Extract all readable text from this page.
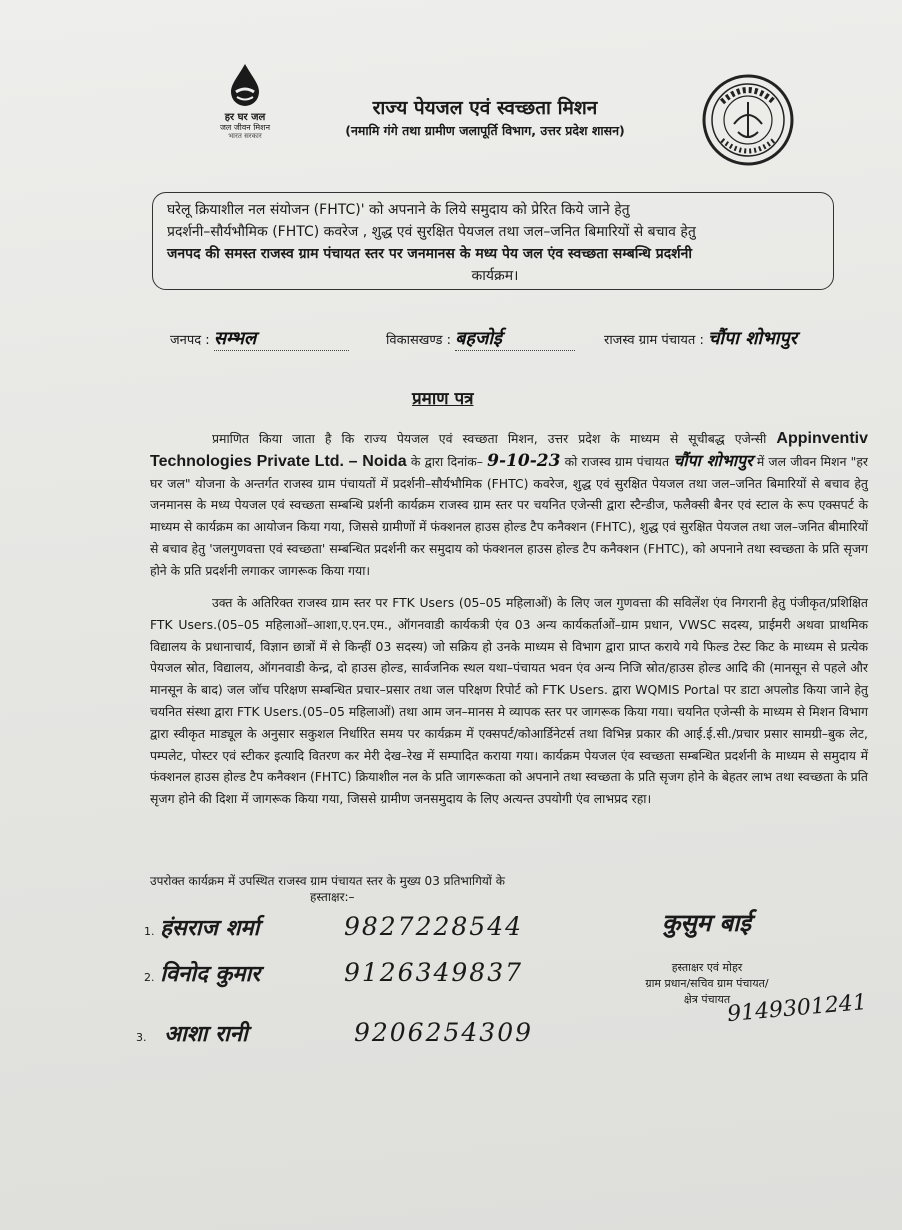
हर घर जल
जल जीवन मिशन
भारत सरकार
राज्य पेयजल एवं स्वच्छता मिशन
(नमामि गंगे तथा ग्रामीण जलापूर्ति विभाग, उत्तर प्रदेश शासन)
घरेलू क्रियाशील नल संयोजन (FHTC)' को अपनाने के लिये समुदाय को प्रेरित किये जाने हेतु
प्रदर्शनी–सौर्यभौमिक (FHTC) कवरेज , शुद्ध एवं सुरक्षित पेयजल तथा जल–जनित बिमारियों से बचाव हेतु
जनपद की समस्त राजस्व ग्राम पंचायत स्तर पर जनमानस के मध्य पेय जल एंव स्वच्छता सम्बन्धि प्रदर्शनी
कार्यक्रम।
जनपद : सम्भल	विकासखण्ड : बहजोई	राजस्व ग्राम पंचायत : चौंपा शोभापुर
प्रमाण पत्र

प्रमाणित किया जाता है कि राज्य पेयजल एवं स्वच्छता मिशन, उत्तर प्रदेश के माध्यम से सूचीबद्ध एजेन्सी Appinventiv Technologies Private Ltd. – Noida के द्वारा दिनांक– 9-10-23 को राजस्व ग्राम पंचायत चौंपा शोभापुर में जल जीवन मिशन "हर घर जल" योजना के अन्तर्गत राजस्व ग्राम पंचायतों में प्रदर्शनी–सौर्यभौमिक (FHTC) कवरेज, शुद्ध एवं सुरक्षित पेयजल तथा जल–जनित बिमारियों से बचाव हेतु जनमानस के मध्य पेयजल एवं स्वच्छता सम्बन्धि प्रर्शनी कार्यक्रम राजस्व ग्राम स्तर पर चयनित एजेन्सी द्वारा स्टैन्डीज, फलैक्सी बैनर एवं स्टाल के रूप एक्सपर्ट के माध्यम से कार्यक्रम का आयोजन किया गया, जिससे ग्रामीणों में फंक्शनल हाउस होल्ड टैप कनैक्शन (FHTC), शुद्ध एवं सुरक्षित पेयजल तथा जल–जनित बीमारियों से बचाव हेतु 'जलगुणवत्ता एवं स्वच्छता' सम्बन्धित प्रदर्शनी कर समुदाय को फंक्शनल हाउस होल्ड टैप कनैक्शन (FHTC), को अपनाने तथा स्वच्छता के प्रति सृजग होने के प्रति प्रदर्शनी लगाकर जागरूक किया गया।

उक्त के अतिरिक्त राजस्व ग्राम स्तर पर FTK Users (05–05 महिलाओं) के लिए जल गुणवत्ता की सविलेंश एंव निगरानी हेतु पंजीकृत/प्रशिक्षित FTK Users.(05–05 महिलाओं–आशा,ए.एन.एम., ऑगनवाडी कार्यकत्री एंव 03 अन्य कार्यकर्ताओं–ग्राम प्रधान, VWSC सदस्य, प्राईमरी अथवा प्राथमिक विद्यालय के प्रधानाचार्य, विज्ञान छात्रों में से किन्हीं 03 सदस्य) जो सक्रिय हो उनके माध्यम से विभाग द्वारा प्राप्त कराये गये फिल्ड टेस्ट किट के माध्यम से प्रत्येक पेयजल स्रोत, विद्यालय, ऑगनवाडी केन्द्र, दो हाउस होल्ड, सार्वजनिक स्थल यथा–पंचायत भवन एंव अन्य निजि स्रोत/हाउस होल्ड आदि की (मानसून से पहले और मानसून के बाद) जल जॉच परिक्षण सम्बन्धित प्रचार–प्रसार तथा जल परिक्षण रिपोर्ट को FTK Users. द्वारा WQMIS Portal पर डाटा अपलोड किया जाने हेतु चयनित संस्था द्वारा FTK Users.(05–05 महिलाओं) तथा आम जन–मानस मे व्यापक स्तर पर जागरूक किया गया। चयनित एजेन्सी के माध्यम से मिशन विभाग द्वारा स्वीकृत माड्यूल के अनुसार सकुशल निर्धारित समय पर कार्यक्रम में एक्सपर्ट/कोआर्डिनेटर्स तथा विभिन्न प्रकार की आई.ई.सी./प्रचार प्रसार सामग्री–बुक लेट, पम्पलेट, पोस्टर एवं स्टीकर इत्यादि वितरण कर मेरी देख–रेख में सम्पादित कराया गया। कार्यक्रम पेयजल एंव स्वच्छता सम्बन्धित प्रदर्शनी के माध्यम से समुदाय में फंक्शनल हाउस होल्ड टैप कनैक्शन (FHTC) क्रियाशील नल के प्रति जागरूकता को अपनाने तथा स्वच्छता के प्रति सृजग होने के बेहतर लाभ तथा स्वच्छता के प्रति सृजग होने की दिशा में जागरूक किया गया, जिससे ग्रामीण जनसमुदाय के लिए अत्यन्त उपयोगी एंव लाभप्रद रहा।

उपरोक्त कार्यक्रम में उपस्थित राजस्व ग्राम पंचायत स्तर के मुख्य 03 प्रतिभागियों के
हस्ताक्षर:–
1. हंसराज शर्मा	9827228544
2. विनोद कुमार	9126349837
3. आशा रानी	9206254309
कुसुम बाई
हस्ताक्षर एवं मोहर
ग्राम प्रधान/सचिव ग्राम पंचायत/
क्षेत्र पंचायत
9149301241
